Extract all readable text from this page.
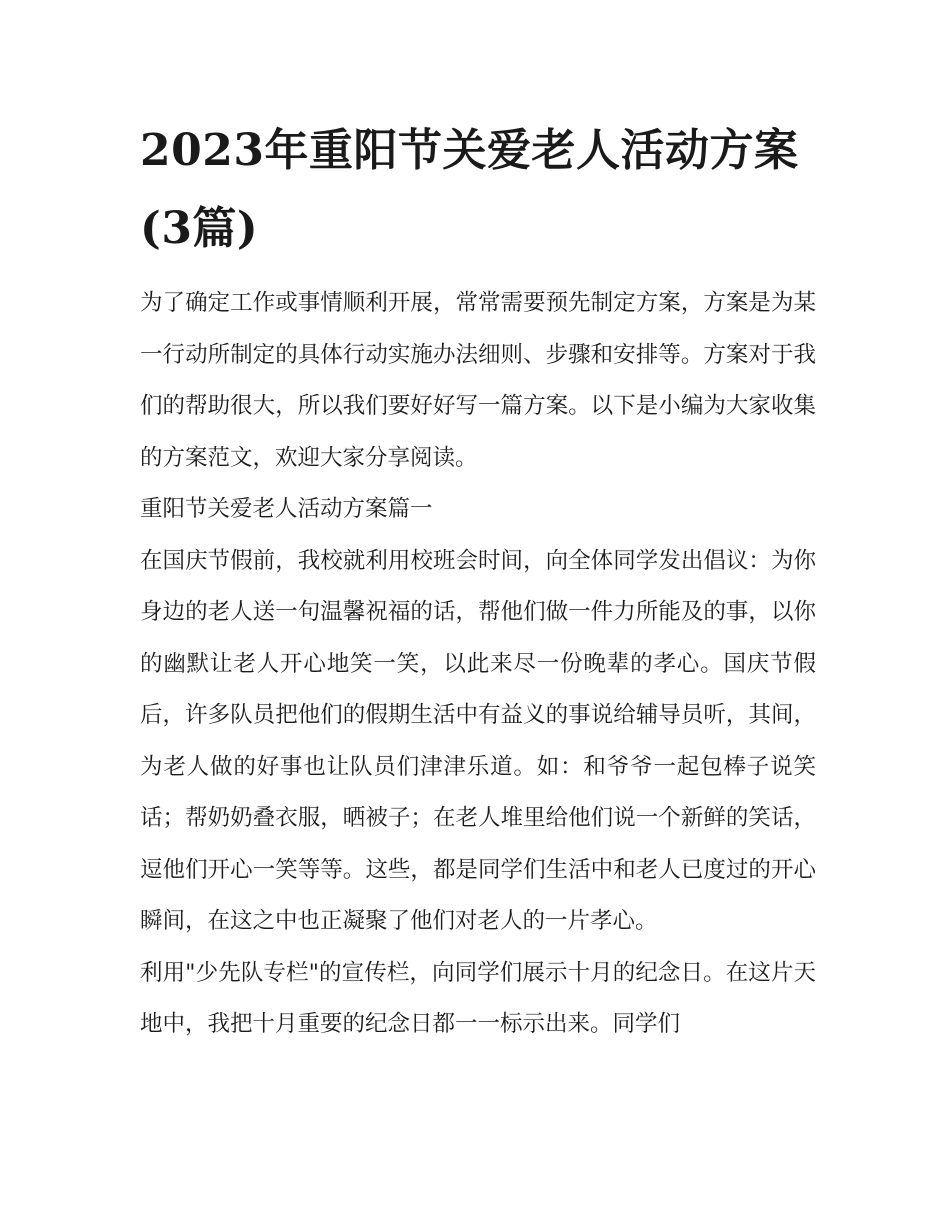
2023年重阳节关爱老人活动方案(3篇)

为了确定工作或事情顺利开展，常常需要预先制定方案，方案是为某一行动所制定的具体行动实施办法细则、步骤和安排等。方案对于我们的帮助很大，所以我们要好好写一篇方案。以下是小编为大家收集的方案范文，欢迎大家分享阅读。

重阳节关爱老人活动方案篇一

在国庆节假前，我校就利用校班会时间，向全体同学发出倡议：为你身边的老人送一句温馨祝福的话，帮他们做一件力所能及的事，以你的幽默让老人开心地笑一笑，以此来尽一份晚辈的孝心。国庆节假后，许多队员把他们的假期生活中有益义的事说给辅导员听，其间，为老人做的好事也让队员们津津乐道。如：和爷爷一起包棒子说笑话；帮奶奶叠衣服，晒被子；在老人堆里给他们说一个新鲜的笑话，逗他们开心一笑等等。这些，都是同学们生活中和老人已度过的开心瞬间，在这之中也正凝聚了他们对老人的一片孝心。

利用"少先队专栏"的宣传栏，向同学们展示十月的纪念日。在这片天地中，我把十月重要的纪念日都一一标示出来。同学们
